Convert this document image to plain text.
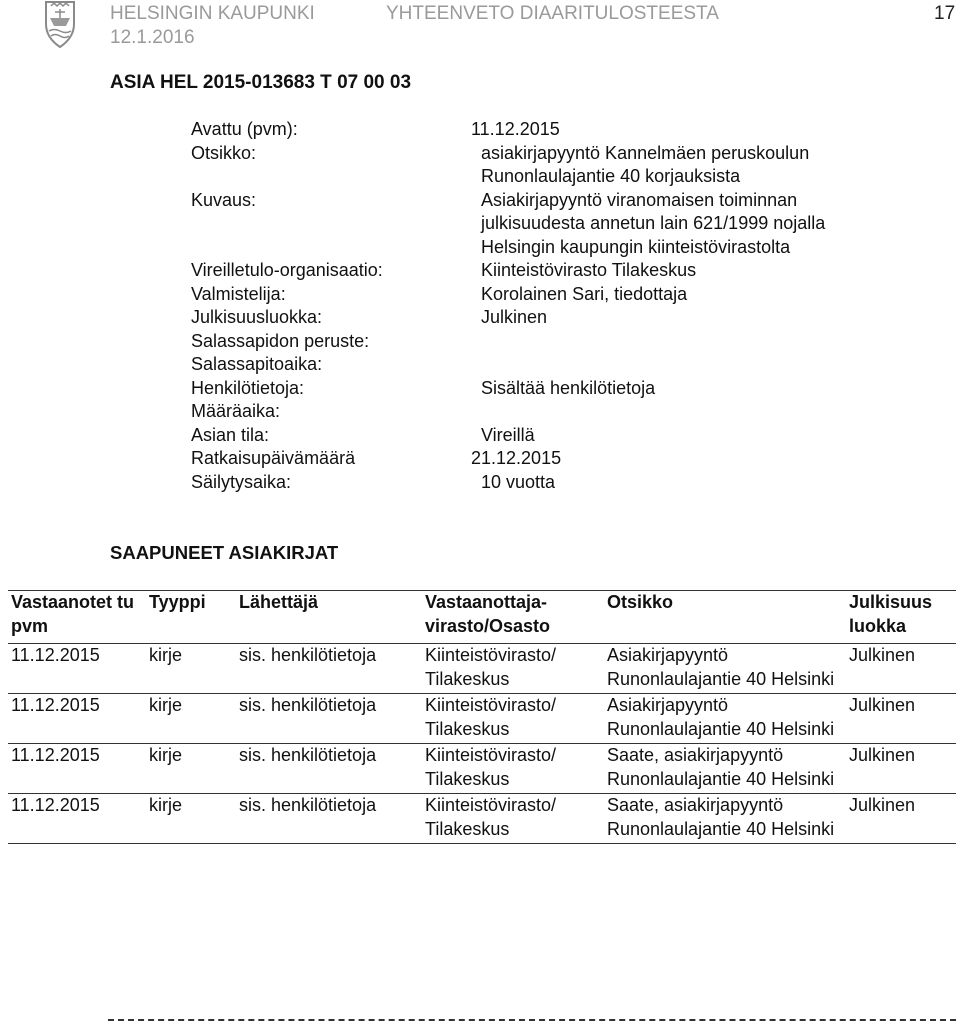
HELSINGIN KAUPUNKI
12.1.2016
YHTEENVETO DIAARITULOSTEESTA	17
ASIA HEL 2015-013683 T 07 00 03
Avattu (pvm):	11.12.2015
Otsikko:	asiakirjapyyntö Kannelmäen peruskoulun
Runonlaulajantie 40 korjauksista
Kuvaus:	Asiakirjapyyntö viranomaisen toiminnan
julkisuudesta annetun lain 621/1999 nojalla
Helsingin kaupungin kiinteistövirastolta
Vireilletulo-organisaatio:	Kiinteistövirasto Tilakeskus
Valmistelija:	Korolainen Sari, tiedottaja
Julkisuusluokka:	Julkinen
Salassapidon peruste:
Salassapitoaika:
Henkilötietoja:	Sisältää henkilötietoja
Määräaika:
Asian tila:	Vireillä
Ratkaisupäivämäärä	21.12.2015
Säilytysaika:	10 vuotta
SAAPUNEET ASIAKIRJAT
Vastaanotet tu pvm	Tyyppi	Lähettäjä	Vastaanottaja-virasto/Osasto	Otsikko	Julkisuus luokka
11.12.2015	kirje	sis. henkilötietoja	Kiinteistövirasto/ Tilakeskus	Asiakirjapyyntö Runonlaulajantie 40 Helsinki	Julkinen
11.12.2015	kirje	sis. henkilötietoja	Kiinteistövirasto/ Tilakeskus	Asiakirjapyyntö Runonlaulajantie 40 Helsinki	Julkinen
11.12.2015	kirje	sis. henkilötietoja	Kiinteistövirasto/ Tilakeskus	Saate, asiakirjapyyntö Runonlaulajantie 40 Helsinki	Julkinen
11.12.2015	kirje	sis. henkilötietoja	Kiinteistövirasto/ Tilakeskus	Saate, asiakirjapyyntö Runonlaulajantie 40 Helsinki	Julkinen
